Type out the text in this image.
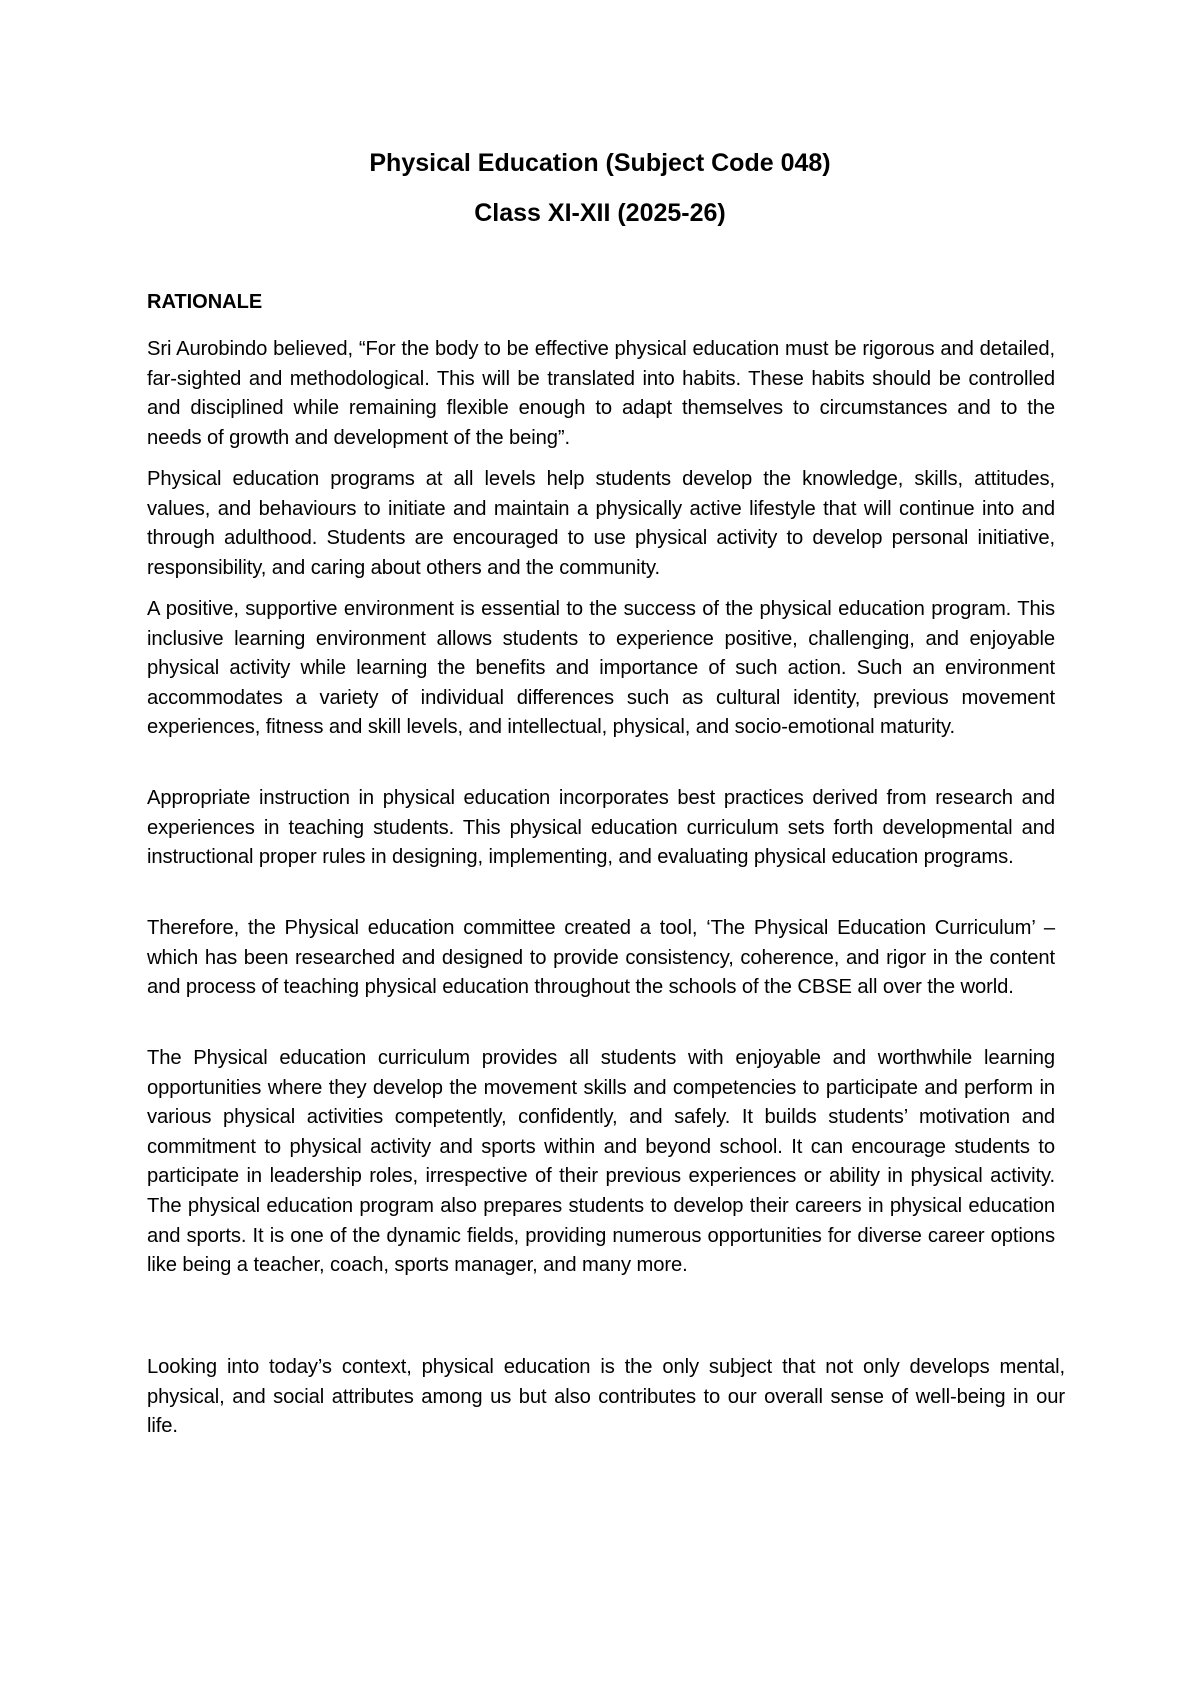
Physical Education (Subject Code 048)
Class XI-XII (2025-26)
RATIONALE

Sri Aurobindo believed, “For the body to be effective physical education must be rigorous and detailed, far-sighted and methodological. This will be translated into habits. These habits should be controlled and disciplined while remaining flexible enough to adapt themselves to circumstances and to the needs of growth and development of the being”.

Physical education programs at all levels help students develop the knowledge, skills, attitudes, values, and behaviours to initiate and maintain a physically active lifestyle that will continue into and through adulthood. Students are encouraged to use physical activity to develop personal initiative, responsibility, and caring about others and the community.

A positive, supportive environment is essential to the success of the physical education program. This inclusive learning environment allows students to experience positive, challenging, and enjoyable physical activity while learning the benefits and importance of such action. Such an environment accommodates a variety of individual differences such as cultural identity, previous movement experiences, fitness and skill levels, and intellectual, physical, and socio-emotional maturity.

Appropriate instruction in physical education incorporates best practices derived from research and experiences in teaching students. This physical education curriculum sets forth developmental and instructional proper rules in designing, implementing, and evaluating physical education programs.

Therefore, the Physical education committee created a tool, ‘The Physical Education Curriculum’ – which has been researched and designed to provide consistency, coherence, and rigor in the content and process of teaching physical education throughout the schools of the CBSE all over the world.

The Physical education curriculum provides all students with enjoyable and worthwhile learning opportunities where they develop the movement skills and competencies to participate and perform in various physical activities competently, confidently, and safely. It builds students’ motivation and commitment to physical activity and sports within and beyond school. It can encourage students to participate in leadership roles, irrespective of their previous experiences or ability in physical activity. The physical education program also prepares students to develop their careers in physical education and sports. It is one of the dynamic fields, providing numerous opportunities for diverse career options like being a teacher, coach, sports manager, and many more.

Looking into today’s context, physical education is the only subject that not only develops mental, physical, and social attributes among us but also contributes to our overall sense of well-being in our life.
